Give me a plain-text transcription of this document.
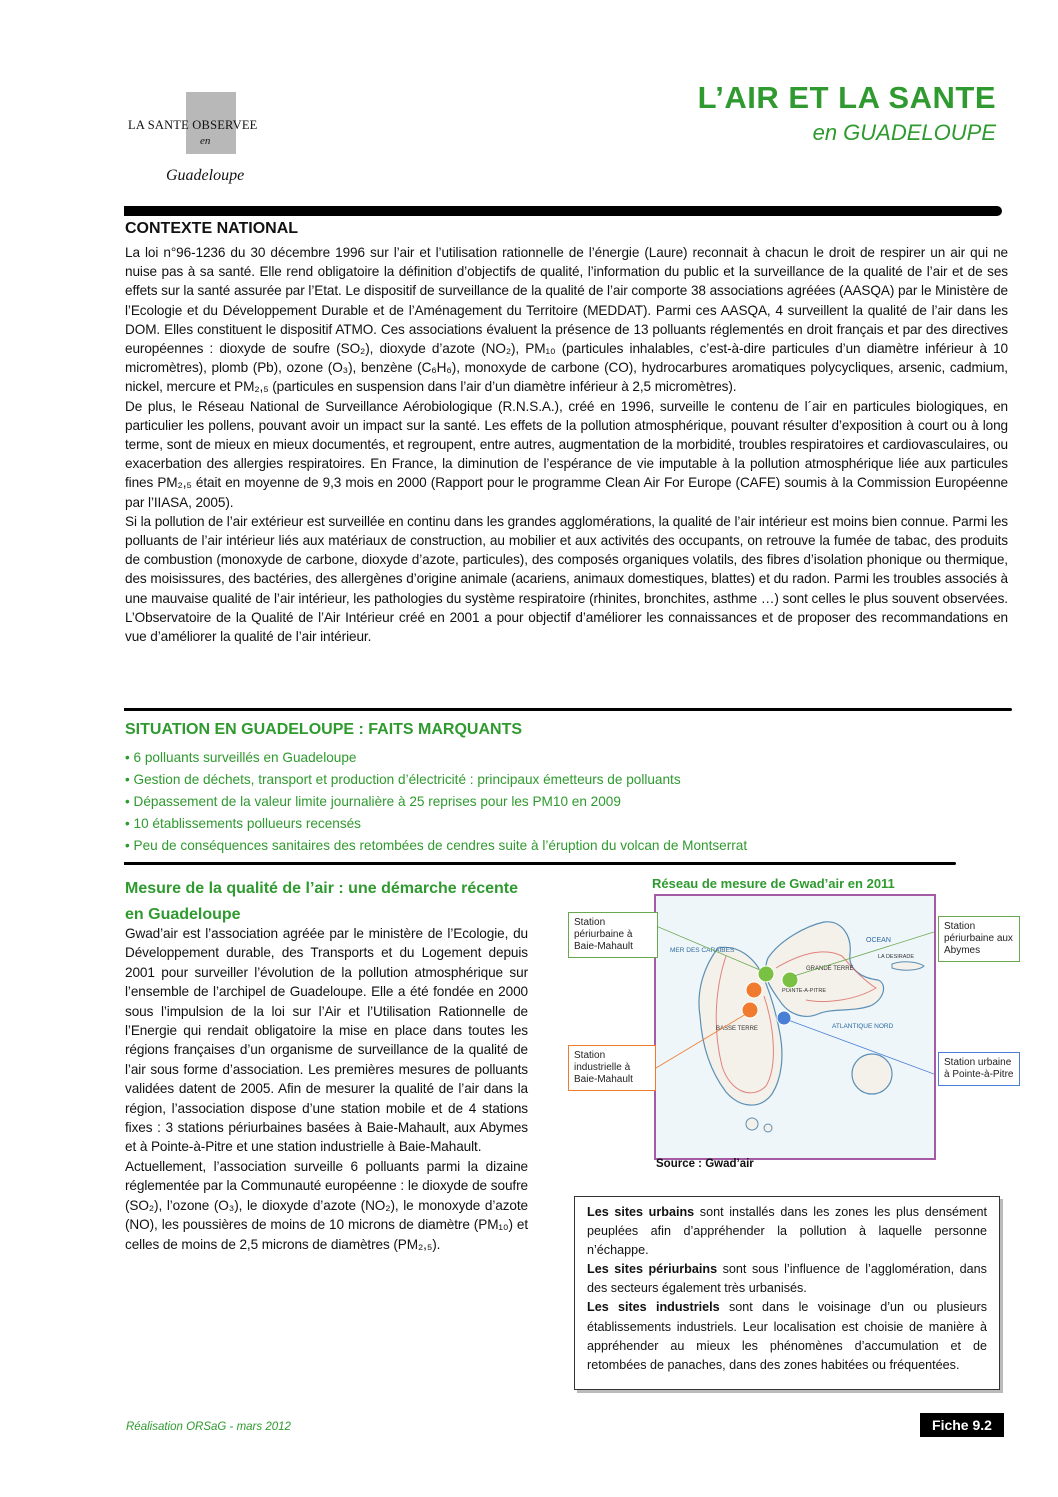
LA SANTE OBSERVEE
en
Guadeloupe
L’AIR ET LA SANTE
en GUADELOUPE
CONTEXTE NATIONAL

La loi n°96-1236 du 30 décembre 1996 sur l’air et l’utilisation rationnelle de l’énergie (Laure) reconnait à chacun le droit de respirer un air qui ne nuise pas à sa santé. Elle rend obligatoire la définition d’objectifs de qualité, l’information du public et la surveillance de la qualité de l’air et de ses effets sur la santé assurée par l’Etat. Le dispositif de surveillance de la qualité de l’air comporte 38 associations agréées (AASQA) par le Ministère de l’Ecologie et du Développement Durable et de l’Aménagement du Territoire (MEDDAT). Parmi ces AASQA, 4 surveillent la qualité de l’air dans les DOM. Elles constituent le dispositif ATMO. Ces associations évaluent la présence de 13 polluants réglementés en droit français et par des directives européennes : dioxyde de soufre (SO₂), dioxyde d’azote (NO₂), PM₁₀ (particules inhalables, c’est-à-dire particules d’un diamètre inférieur à 10 micromètres), plomb (Pb), ozone (O₃), benzène (C₆H₆), monoxyde de carbone (CO), hydrocarbures aromatiques polycycliques, arsenic, cadmium, nickel, mercure et PM₂,₅ (particules en suspension dans l’air d’un diamètre inférieur à 2,5 micromètres).

De plus, le Réseau National de Surveillance Aérobiologique (R.N.S.A.), créé en 1996, surveille le contenu de l´air en particules biologiques, en particulier les pollens, pouvant avoir un impact sur la santé. Les effets de la pollution atmosphérique, pouvant résulter d’exposition à court ou à long terme, sont de mieux en mieux documentés, et regroupent, entre autres, augmentation de la morbidité, troubles respiratoires et cardiovasculaires, ou exacerbation des allergies respiratoires. En France, la diminution de l’espérance de vie imputable à la pollution atmosphérique liée aux particules fines PM₂,₅ était en moyenne de 9,3 mois en 2000 (Rapport pour le programme Clean Air For Europe (CAFE) soumis à la Commission Européenne par l’IIASA, 2005).

Si la pollution de l’air extérieur est surveillée en continu dans les grandes agglomérations, la qualité de l’air intérieur est moins bien connue. Parmi les polluants de l’air intérieur liés aux matériaux de construction, au mobilier et aux activités des occupants, on retrouve la fumée de tabac, des produits de combustion (monoxyde de carbone, dioxyde d’azote, particules), des composés organiques volatils, des fibres d’isolation phonique ou thermique, des moisissures, des bactéries, des allergènes d’origine animale (acariens, animaux domestiques, blattes) et du radon. Parmi les troubles associés à une mauvaise qualité de l’air intérieur, les pathologies du système respiratoire (rhinites, bronchites, asthme …) sont celles le plus souvent observées. L’Observatoire de la Qualité de l’Air Intérieur créé en 2001 a pour objectif d’améliorer les connaissances et de proposer des recommandations en vue d’améliorer la qualité de l’air intérieur.

SITUATION EN GUADELOUPE : FAITS MARQUANTS
• 6 polluants surveillés en Guadeloupe
• Gestion de déchets, transport et production d’électricité : principaux émetteurs de polluants
• Dépassement de la valeur limite journalière à 25 reprises pour les PM10 en 2009
• 10 établissements polluеurs recensés
• Peu de conséquences sanitaires des retombées de cendres suite à l’éruption du volcan de Montserrat
Mesure de la qualité de l’air : une démarche récente en Guadeloupe

Gwad’air est l’association agréée par le ministère de l’Ecologie, du Développement durable, des Transports et du Logement depuis 2001 pour surveiller l’évolution de la pollution atmosphérique sur l’ensemble de l’archipel de Guadeloupe. Elle a été fondée en 2000 sous l’impulsion de la loi sur l’Air et l’Utilisation Rationnelle de l’Energie qui rendait obligatoire la mise en place dans toutes les régions françaises d’un organisme de surveillance de la qualité de l’air sous forme d’association. Les premières mesures de polluants validées datent de 2005. Afin de mesurer la qualité de l’air dans la région, l’association dispose d’une station mobile et de 4 stations fixes : 3 stations périurbaines basées à Baie-Mahault, aux Abymes et à Pointe-à-Pitre et une station industrielle à Baie-Mahault.

Actuellement, l’association surveille 6 polluants parmi la dizaine réglementée par la Communauté européenne : le dioxyde de soufre (SO₂), l’ozone (O₃), le dioxyde d’azote (NO₂), le monoxyde d’azote (NO), les poussières de moins de 10 microns de diamètre (PM₁₀) et celles de moins de 2,5 microns de diamètres (PM₂,₅).

Réseau de mesure de Gwad’air en 2011
MER DES CARAÏBES
OCEAN
ATLANTIQUE NORD
GRANDE TERRE
BASSE TERRE
LA DESIRADE
POINTE-A-PITRE
Station périurbaine à Baie-Mahault
Station périurbaine aux Abymes
Station industrielle à Baie-Mahault
Station urbaine à Pointe-à-Pitre
Source : Gwad’air

Les sites urbains sont installés dans les zones les plus densément peuplées afin d’appréhender la pollution à laquelle personne n’échappe.

Les sites périurbains sont sous l’influence de l’agglomération, dans des secteurs également très urbanisés.

Les sites industriels sont dans le voisinage d’un ou plusieurs établissements industriels. Leur localisation est choisie de manière à appréhender au mieux les phénomènes d’accumulation et de retombées de panaches, dans des zones habitées ou fréquentées.

Réalisation ORSaG - mars 2012	Fiche 9.2
